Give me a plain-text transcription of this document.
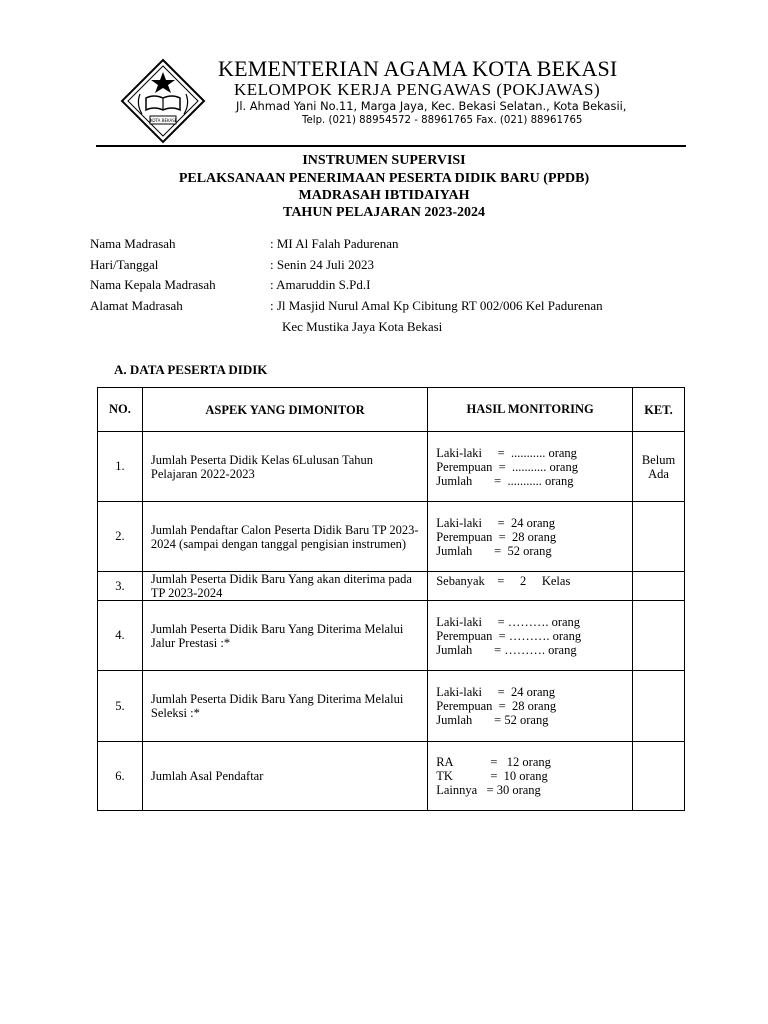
KOTA BEKASI
KEMENTERIAN AGAMA KOTA BEKASI
KELOMPOK KERJA PENGAWAS (POKJAWAS)
Jl. Ahmad Yani No.11, Marga Jaya, Kec. Bekasi Selatan., Kota Bekasii,
Telp. (021) 88954572 - 88961765 Fax. (021) 88961765
INSTRUMEN SUPERVISI
PELAKSANAAN PENERIMAAN PESERTA DIDIK BARU (PPDB)
MADRASAH IBTIDAIYAH
TAHUN PELAJARAN 2023-2024
Nama Madrasah	: MI Al Falah Padurenan
Hari/Tanggal	: Senin 24 Juli 2023
Nama Kepala Madrasah	: Amaruddin S.Pd.I
Alamat Madrasah	: Jl Masjid Nurul Amal Kp Cibitung RT 002/006 Kel Padurenan
Kec Mustika Jaya Kota Bekasi
A. DATA PESERTA DIDIK
NO.	ASPEK YANG DIMONITOR	HASIL MONITORING	KET.
1.	Jumlah Peserta Didik Kelas 6Lulusan Tahun Pelajaran 2022-2023	Laki-laki     =  ........... orang
Perempuan  =  ........... orang
Jumlah       =  ........... orang	Belum Ada
2.	Jumlah Pendaftar Calon Peserta Didik Baru TP 2023-2024 (sampai dengan tanggal pengisian instrumen)	Laki-laki     =  24 orang
Perempuan  =  28 orang
Jumlah       =  52 orang	

3.	Jumlah Peserta Didik Baru Yang akan diterima pada TP 2023-2024	Sebanyak    =     2     Kelas	

4.	Jumlah Peserta Didik Baru Yang Diterima Melalui Jalur Prestasi :*	Laki-laki     = ………. orang
Perempuan  = ………. orang
Jumlah       = ………. orang	

5.	Jumlah Peserta Didik Baru Yang Diterima Melalui Seleksi :*	Laki-laki     =  24 orang
Perempuan  =  28 orang
Jumlah       = 52 orang	

6.	Jumlah Asal Pendaftar	RA            =   12 orang
TK            =  10 orang
Lainnya   = 30 orang	
